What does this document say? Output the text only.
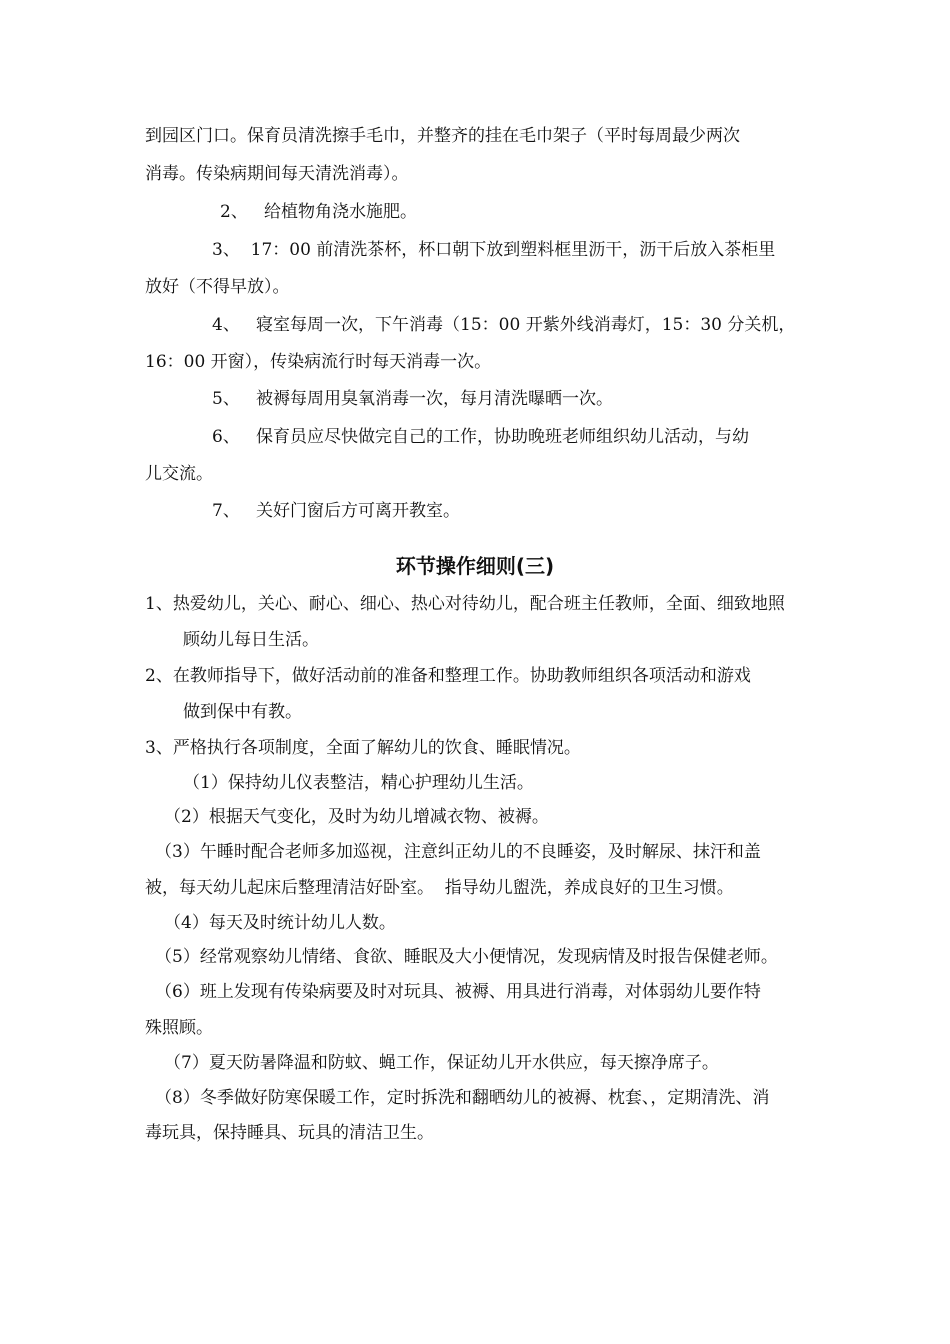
到园区门口。保育员清洗擦手毛巾，并整齐的挂在毛巾架子（平时每周最少两次
消毒。传染病期间每天清洗消毒）。
2、   给植物角浇水施肥。
3、  17：00 前清洗茶杯，杯口朝下放到塑料框里沥干，沥干后放入茶柜里
放好（不得早放）。
4、   寝室每周一次，下午消毒（15：00 开紫外线消毒灯，15：30 分关机，
16：00 开窗），传染病流行时每天消毒一次。
5、   被褥每周用臭氧消毒一次，每月清洗曝晒一次。
6、   保育员应尽快做完自己的工作，协助晚班老师组织幼儿活动，与幼
儿交流。
7、   关好门窗后方可离开教室。
环节操作细则(三)
1、热爱幼儿，关心、耐心、细心、热心对待幼儿，配合班主任教师，全面、细致地照
顾幼儿每日生活。
2、在教师指导下，做好活动前的准备和整理工作。协助教师组织各项活动和游戏
做到保中有教。
3、严格执行各项制度，全面了解幼儿的饮食、睡眠情况。
（1）保持幼儿仪表整洁，精心护理幼儿生活。
（2）根据天气变化，及时为幼儿增减衣物、被褥。
（3）午睡时配合老师多加巡视，注意纠正幼儿的不良睡姿，及时解尿、抹汗和盖
被，每天幼儿起床后整理清洁好卧室。  指导幼儿盥洗，养成良好的卫生习惯。
（4）每天及时统计幼儿人数。
（5）经常观察幼儿情绪、食欲、睡眠及大小便情况，发现病情及时报告保健老师。
（6）班上发现有传染病要及时对玩具、被褥、用具进行消毒，对体弱幼儿要作特
殊照顾。
（7）夏天防暑降温和防蚊、蝇工作，保证幼儿开水供应，每天擦净席子。
（8）冬季做好防寒保暖工作，定时拆洗和翻晒幼儿的被褥、枕套、，定期清洗、消
毒玩具，保持睡具、玩具的清洁卫生。
